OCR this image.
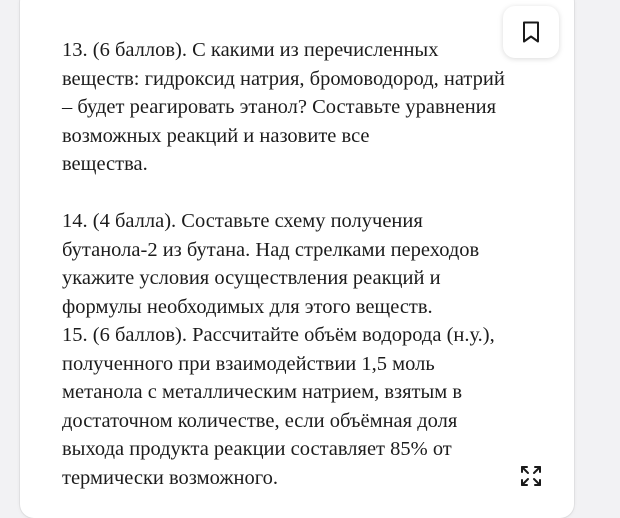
13. (6 баллов). С какими из перечисленных
веществ: гидроксид натрия, бромоводород, натрий
– будет реагировать этанол? Составьте уравнения
возможных реакций и назовите все
вещества.
14. (4 балла). Составьте схему получения
бутанола-2 из бутана. Над стрелками переходов
укажите условия осуществления реакций и
формулы необходимых для этого веществ.
15. (6 баллов). Рассчитайте объём водорода (н.у.),
полученного при взаимодействии 1,5 моль
метанола с металлическим натрием, взятым в
достаточном количестве, если объёмная доля
выхода продукта реакции составляет 85% от
термически возможного.
